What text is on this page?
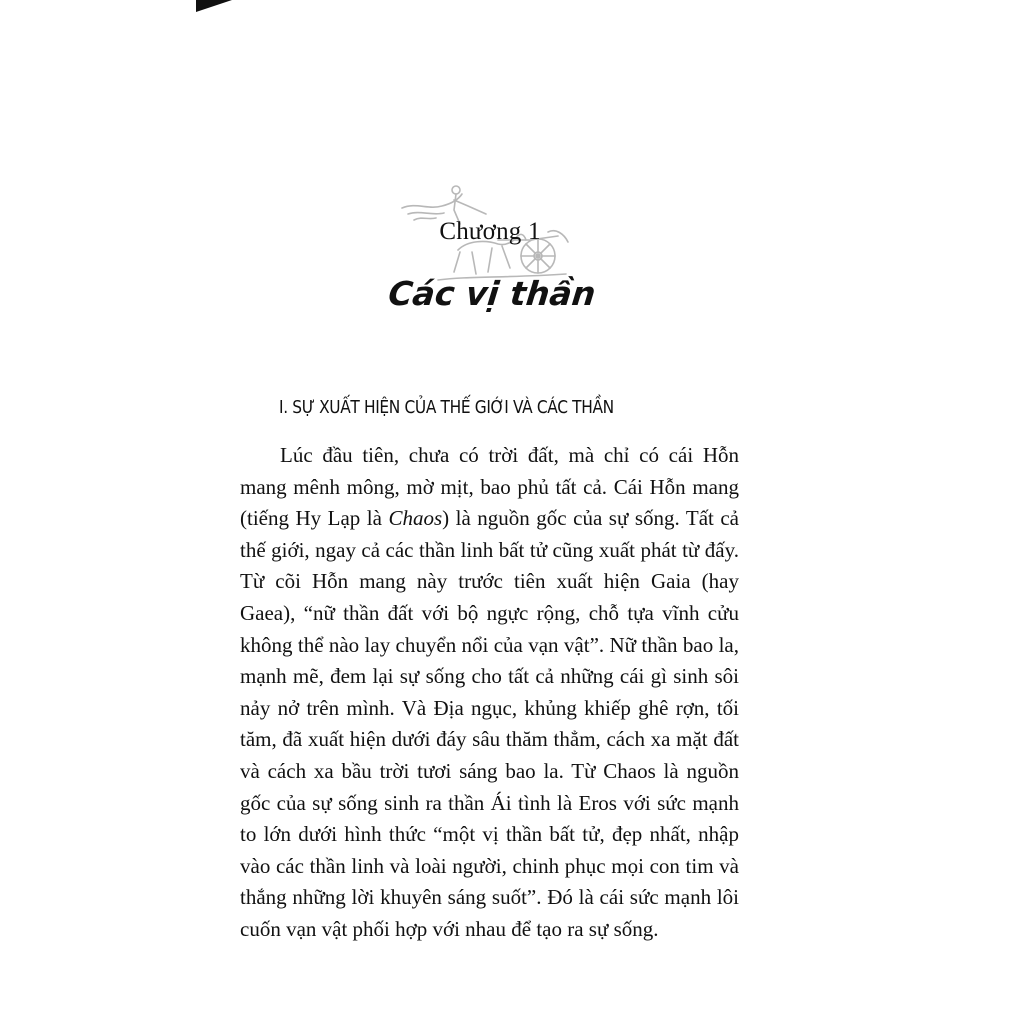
Chương 1
Các vị thần
I. SỰ XUẤT HIỆN CỦA THẾ GIỚI VÀ CÁC THẦN

Lúc đầu tiên, chưa có trời đất, mà chỉ có cái Hỗn mang mênh mông, mờ mịt, bao phủ tất cả. Cái Hỗn mang (tiếng Hy Lạp là Chaos) là nguồn gốc của sự sống. Tất cả thế giới, ngay cả các thần linh bất tử cũng xuất phát từ đấy. Từ cõi Hỗn mang này trước tiên xuất hiện Gaia (hay Gaea), “nữ thần đất với bộ ngực rộng, chỗ tựa vĩnh cửu không thể nào lay chuyển nổi của vạn vật”. Nữ thần bao la, mạnh mẽ, đem lại sự sống cho tất cả những cái gì sinh sôi nảy nở trên mình. Và Địa ngục, khủng khiếp ghê rợn, tối tăm, đã xuất hiện dưới đáy sâu thăm thẳm, cách xa mặt đất và cách xa bầu trời tươi sáng bao la. Từ Chaos là nguồn gốc của sự sống sinh ra thần Ái tình là Eros với sức mạnh to lớn dưới hình thức “một vị thần bất tử, đẹp nhất, nhập vào các thần linh và loài người, chinh phục mọi con tim và thắng những lời khuyên sáng suốt”. Đó là cái sức mạnh lôi cuốn vạn vật phối hợp với nhau để tạo ra sự sống.
